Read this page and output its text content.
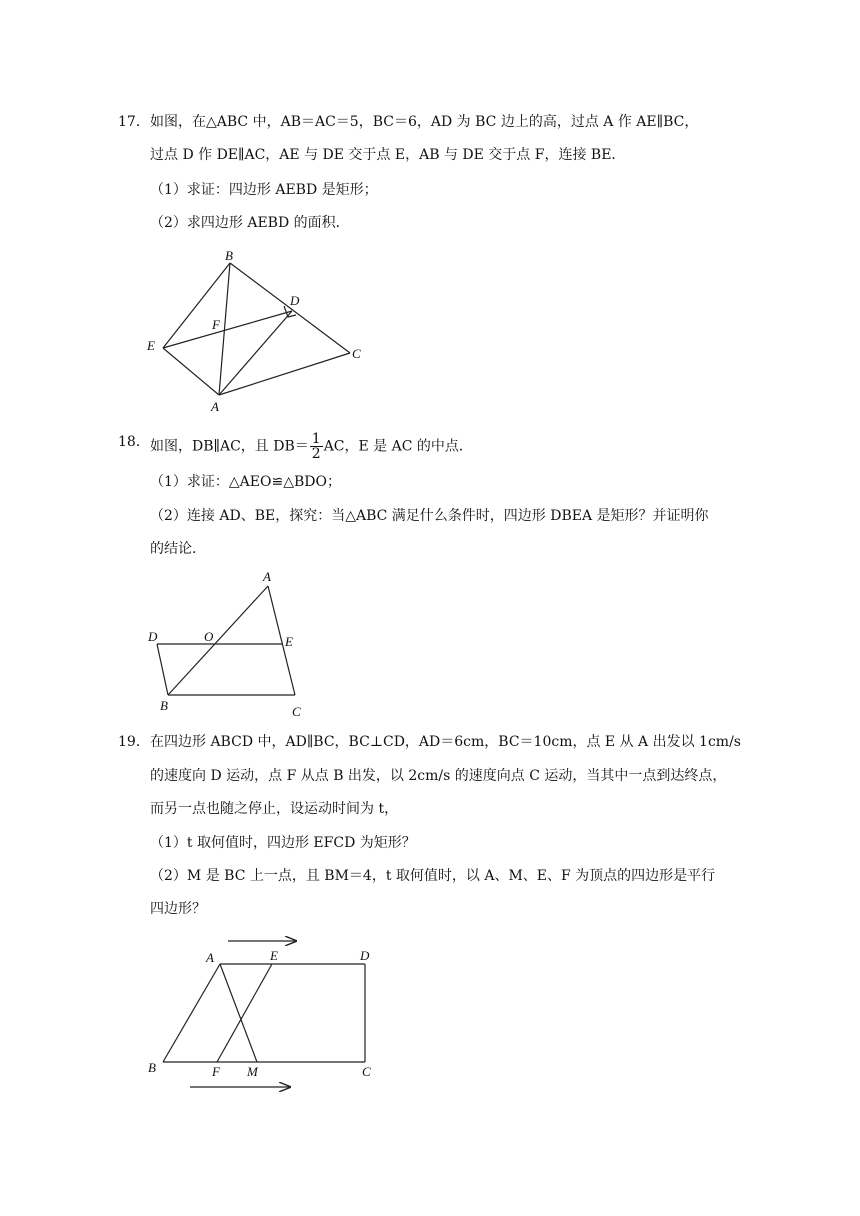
17． 如图，在△ABC 中，AB＝AC＝5，BC＝6，AD 为 BC 边上的高，过点 A 作 AE∥BC，
过点 D 作 DE∥AC，AE 与 DE 交于点 E，AB 与 DE 交于点 F，连接 BE．
（1）求证：四边形 AEBD 是矩形；
（2）求四边形 AEBD 的面积．
B
D
F
E
C
A
18． 如图，DB∥AC，且 $DB= \frac{1}{2}$ AC，E 是 AC 的中点．
（1）求证：△AEO≌△BDO；
（2）连接 AD、BE，探究：当△ABC 满足什么条件时，四边形 DBEA 是矩形？并证明你
的结论．
A
D	O	E
B	C
19． 在四边形 ABCD 中，AD∥BC，BC⊥CD，AD＝6cm，BC＝10cm，点 E 从 A 出发以 1cm/s
的速度向 D 运动，点 F 从点 B 出发，以 2cm/s 的速度向点 C 运动，当其中一点到达终点，
而另一点也随之停止，设运动时间为 t，
（1）t 取何值时，四边形 EFCD 为矩形？
（2）M 是 BC 上一点，且 BM＝4，t 取何值时，以 A、M、E、F 为顶点的四边形是平行
四边形？
A	E	D
B	F M	C
